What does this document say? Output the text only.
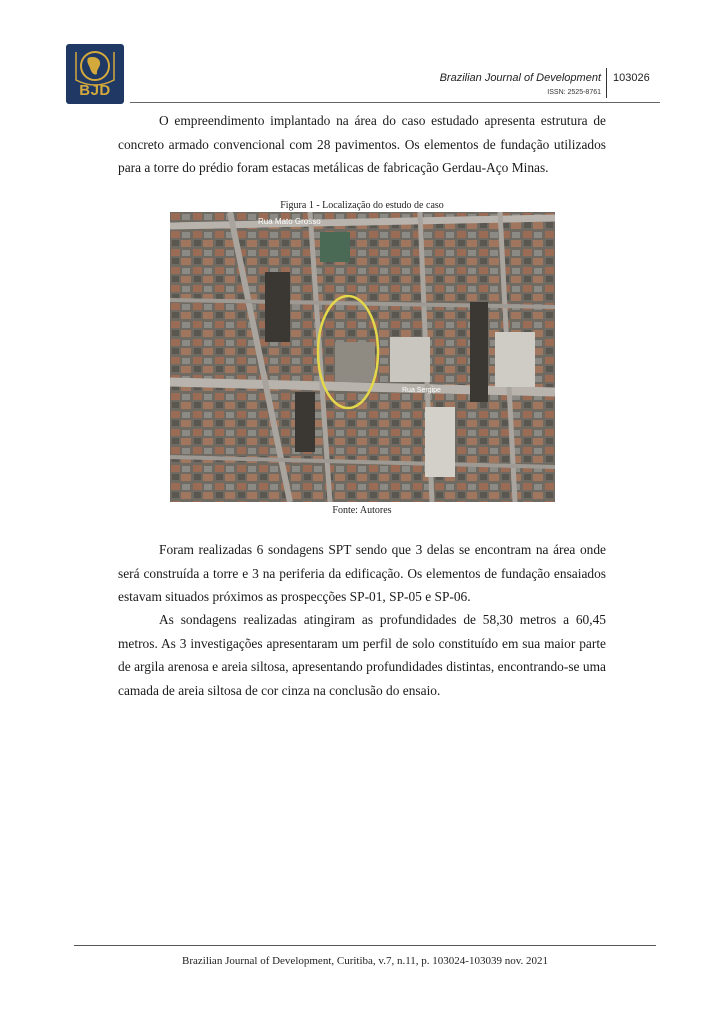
BJD
Brazilian Journal of Development
ISSN: 2525-8761
103026

O empreendimento implantado na área do caso estudado apresenta estrutura de concreto armado convencional com 28 pavimentos. Os elementos de fundação utilizados para a torre do prédio foram estacas metálicas de fabricação Gerdau-Aço Minas.

Figura 1 - Localização do estudo de caso
Rua Mato Grosso
Rua Sergipe
Fonte: Autores

Foram realizadas 6 sondagens SPT sendo que 3 delas se encontram na área onde será construída a torre e 3 na periferia da edificação. Os elementos de fundação ensaiados estavam situados próximos as prospecções SP-01, SP-05 e SP-06.

As sondagens realizadas atingiram as profundidades de 58,30 metros a 60,45 metros. As 3 investigações apresentaram um perfil de solo constituído em sua maior parte de argila arenosa e areia siltosa, apresentando profundidades distintas, encontrando-se uma camada de areia siltosa de cor cinza na conclusão do ensaio.

Brazilian Journal of Development, Curitiba, v.7, n.11, p. 103024-103039 nov. 2021
